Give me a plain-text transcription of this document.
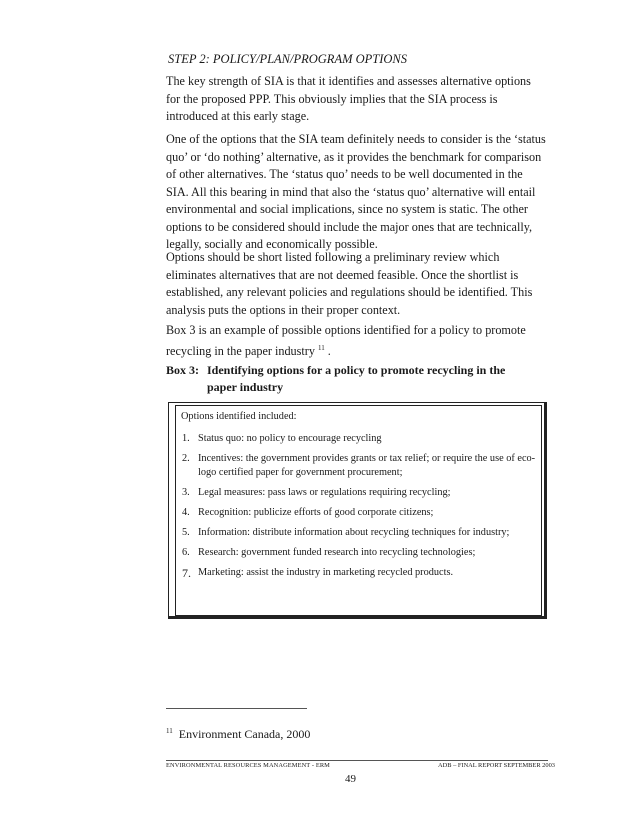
STEP 2: POLICY/PLAN/PROGRAM OPTIONS

The key strength of SIA is that it identifies and assesses alternative options for the proposed PPP. This obviously implies that the SIA process is introduced at this early stage.

One of the options that the SIA team definitely needs to consider is the ‘status quo’ or ‘do nothing’ alternative, as it provides the benchmark for comparison of other alternatives. The ‘status quo’ needs to be well documented in the SIA. All this bearing in mind that also the ‘status quo’ alternative will entail environmental and social implications, since no system is static. The other options to be considered should include the major ones that are technically, legally, socially and economically possible.

Options should be short listed following a preliminary review which eliminates alternatives that are not deemed feasible. Once the shortlist is established, any relevant policies and regulations should be identified. This analysis puts the options in their proper context.

Box 3 is an example of possible options identified for a policy to promote recycling in the paper industry $^{11}$ .

Box 3: Identifying options for a policy to promote recycling in the paper industry
Options identified included:
1. Status quo: no policy to encourage recycling
2. Incentives: the government provides grants or tax relief; or require the use of eco-logo certified paper for government procurement;
3. Legal measures: pass laws or regulations requiring recycling;
4. Recognition: publicize efforts of good corporate citizens;
5. Information: distribute information about recycling techniques for industry;
6. Research: government funded research into recycling technologies;
7. Marketing: assist the industry in marketing recycled products.
$^{11}$ Environment Canada, 2000
ENVIRONMENTAL RESOURCES MANAGEMENT - ERM	ADB – FINAL REPORT SEPTEMBER 2003
49
